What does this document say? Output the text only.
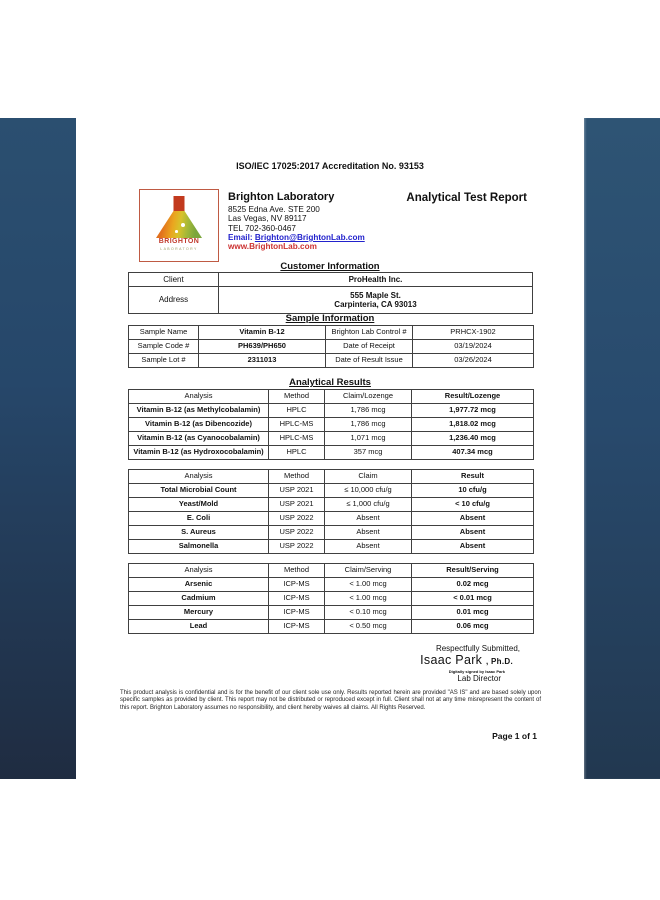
ISO/IEC 17025:2017 Accreditation No. 93153
BRIGHTON
LABORATORY
Brighton Laboratory
8525 Edna Ave. STE 200
Las Vegas, NV 89117
TEL 702-360-0467
Email: Brighton@BrightonLab.com
www.BrightonLab.com
Analytical Test Report
Customer Information
Client	ProHealth Inc.
Address	555 Maple St.
Carpinteria, CA 93013
Sample Information
Sample Name	Vitamin B-12	Brighton Lab Control #	PRHCX-1902
Sample Code #	PH639/PH650	Date of Receipt	03/19/2024
Sample Lot #	2311013	Date of Result Issue	03/26/2024
Analytical Results
Analysis	Method	Claim/Lozenge	Result/Lozenge
Vitamin B-12 (as Methylcobalamin)	HPLC	1,786 mcg	1,977.72 mcg
Vitamin B-12 (as Dibencozide)	HPLC-MS	1,786 mcg	1,818.02 mcg
Vitamin B-12 (as Cyanocobalamin)	HPLC-MS	1,071 mcg	1,236.40 mcg
Vitamin B-12 (as Hydroxocobalamin)	HPLC	357 mcg	407.34 mcg
Analysis	Method	Claim	Result
Total Microbial Count	USP 2021	≤ 10,000 cfu/g	10 cfu/g
Yeast/Mold	USP 2021	≤ 1,000 cfu/g	< 10 cfu/g
E. Coli	USP 2022	Absent	Absent
S. Aureus	USP 2022	Absent	Absent
Salmonella	USP 2022	Absent	Absent
Analysis	Method	Claim/Serving	Result/Serving
Arsenic	ICP-MS	< 1.00 mcg	0.02 mcg
Cadmium	ICP-MS	< 1.00 mcg	< 0.01 mcg
Mercury	ICP-MS	< 0.10 mcg	0.01 mcg
Lead	ICP-MS	< 0.50 mcg	0.06 mcg
Respectfully Submitted,
Isaac Park , Ph.D.
Digitally signed by Isaac Park
Lab Director
This product analysis is confidential and is for the benefit of our client sole use only. Results reported herein are provided "AS IS" and are based solely upon specific samples as provided by client. This report may not be distributed or reproduced except in full. Client shall not at any time misrepresent the content of this report. Brighton Laboratory assumes no responsibility, and client hereby waives all claims. All Rights Reserved.
Page 1 of 1
